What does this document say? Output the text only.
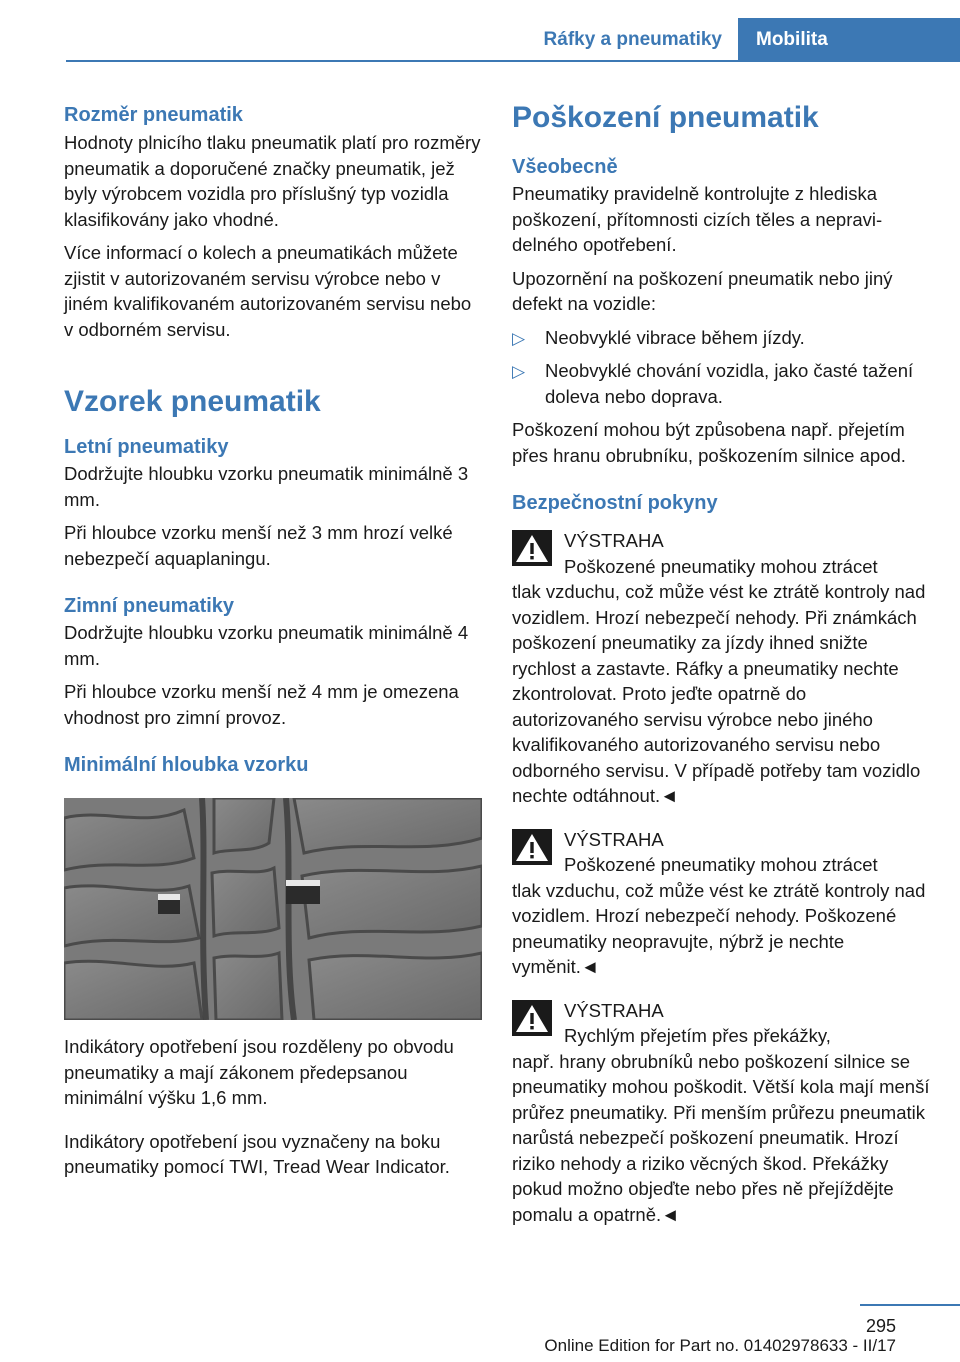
Ráfky a pneumatiky	Mobilita
Rozměr pneumatik

Hodnoty plnicího tlaku pneumatik platí pro rozměry pneumatik a doporučené značky pneumatik, jež byly výrobcem vozidla pro příslušný typ vozidla klasifikovány jako vhodné.

Více informací o kolech a pneumatikách můžete zjistit v autorizovaném servisu výrobce nebo v jiném kvalifikovaném autorizovaném servisu nebo v odborném servisu.

Vzorek pneumatik
Letní pneumatiky

Dodržujte hloubku vzorku pneumatik minimálně 3 mm.

Při hloubce vzorku menší než 3 mm hrozí velké nebezpečí aquaplaningu.

Zimní pneumatiky

Dodržujte hloubku vzorku pneumatik minimálně 4 mm.

Při hloubce vzorku menší než 4 mm je omezena vhodnost pro zimní provoz.

Minimální hloubka vzorku

Indikátory opotřebení jsou rozděleny po obvodu pneumatiky a mají zákonem předepsanou minimální výšku 1,6 mm.

Indikátory opotřebení jsou vyznačeny na boku pneumatiky pomocí TWI, Tread Wear Indicator.

Poškození pneumatik
Všeobecně

Pneumatiky pravidelně kontrolujte z hlediska poškození, přítomnosti cizích těles a nepravidelného opotřebení.

Upozornění na poškození pneumatik nebo jiný defekt na vozidle:

▷ Neobvyklé vibrace během jízdy.
▷ Neobvyklé chování vozidla, jako časté tažení doleva nebo doprava.

Poškození mohou být způsobena např. přejetím přes hranu obrubníku, poškozením silnice apod.

Bezpečnostní pokyny

VÝSTRAHA

Poškozené pneumatiky mohou ztrácet

tlak vzduchu, což může vést ke ztrátě kontroly nad vozidlem. Hrozí nebezpečí nehody. Při známkách poškození pneumatiky za jízdy ihned snižte rychlost a zastavte. Ráfky a pneumatiky nechte zkontrolovat. Proto jeďte opatrně do autorizovaného servisu výrobce nebo jiného kvalifikovaného autorizovaného servisu nebo odborného servisu. V případě potřeby tam vozidlo nechte odtáhnout.◄

VÝSTRAHA

Poškozené pneumatiky mohou ztrácet

tlak vzduchu, což může vést ke ztrátě kontroly nad vozidlem. Hrozí nebezpečí nehody. Poškozené pneumatiky neopravujte, nýbrž je nechte vyměnit.◄

VÝSTRAHA

Rychlým přejetím přes překážky,

např. hrany obrubníků nebo poškození silnice se pneumatiky mohou poškodit. Větší kola mají menší průřez pneumatiky. Při menším průřezu pneumatik narůstá nebezpečí poškození pneumatik. Hrozí riziko nehody a riziko věcných škod. Překážky pokud možno objeďte nebo přes ně přejíždějte pomalu a opatrně.◄

295
Online Edition for Part no. 01402978633 - II/17
